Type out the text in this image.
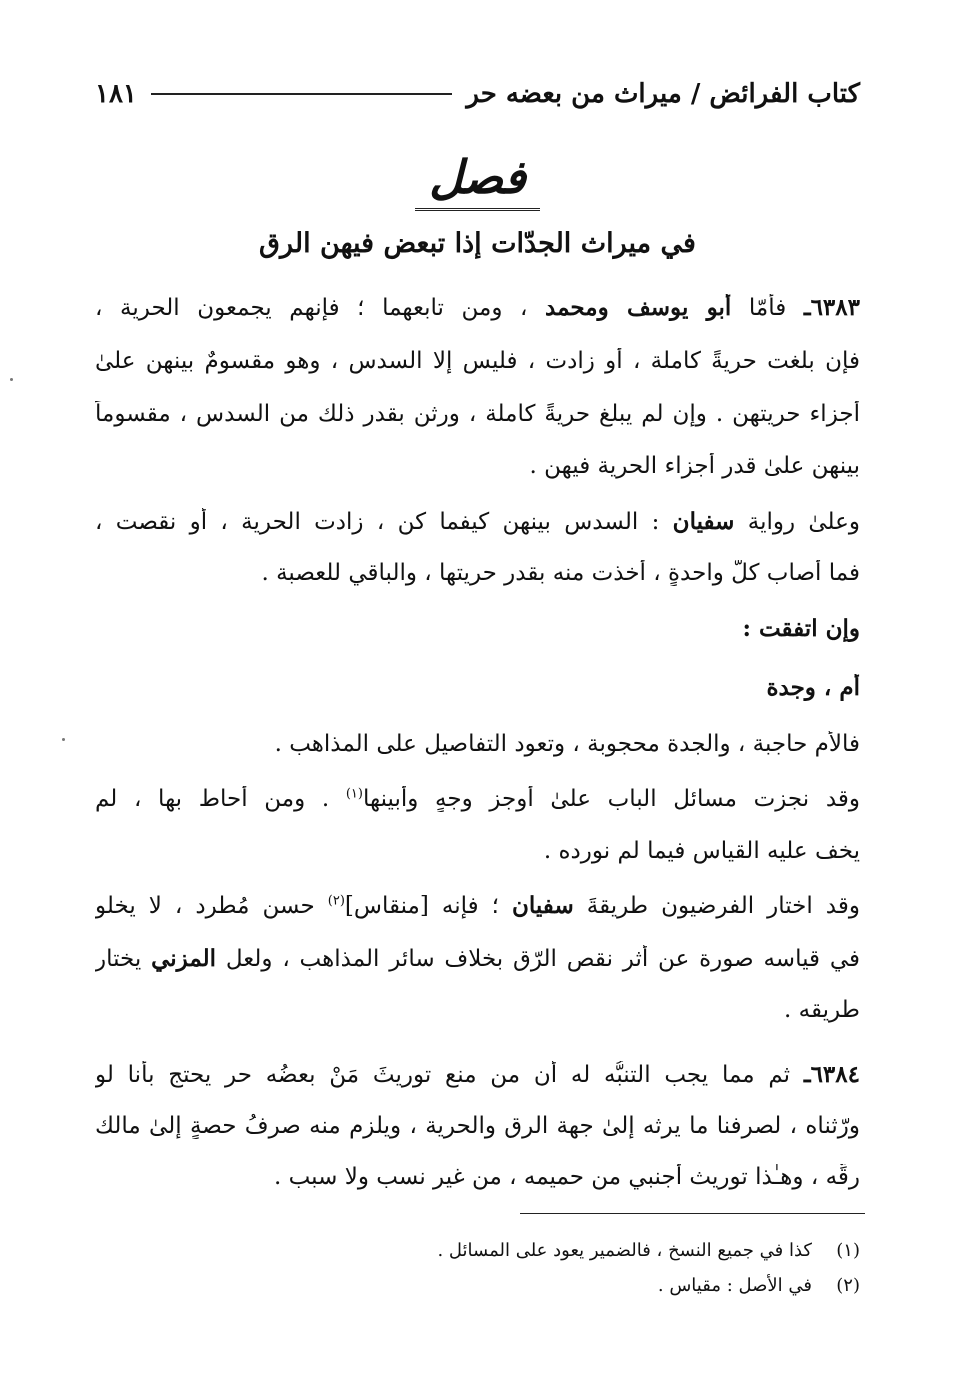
كتاب الفرائض / ميراث من بعضه حر
١٨١
فصل
في ميراث الجدّات إذا تبعض فيهن الرق
٦٣٨٣ـ فأمّا أبو يوسف ومحمد ، ومن تابعهما ؛ فإنهم يجمعون الحرية ،
فإن بلغت حريةً كاملة ، أو زادت ، فليس إلا السدس ، وهو مقسومٌ بينهن علىٰ
أجزاء حريتهن . وإن لم يبلغ حريةً كاملة ، ورثن بقدر ذلك من السدس ، مقسوماً
بينهن علىٰ قدر أجزاء الحرية فيهن .
وعلىٰ رواية سفيان : السدس بينهن كيفما كن ، زادت الحرية ، أو نقصت ،
فما أصاب كلّ واحدةٍ ، أخذت منه بقدر حريتها ، والباقي للعصبة .
وإن اتفقت :
أم ، وجدة
فالأم حاجبة ، والجدة محجوبة ، وتعود التفاصيل على المذاهب .
وقد نجزت مسائل الباب علىٰ أوجز وجهٍ وأبينها$^{(١)}$ . ومن أحاط بها ، لم
يخف عليه القياس فيما لم نورده .
وقد اختار الفرضيون طريقةَ سفيان ؛ فإنه [منقاس]$^{(٢)}$ حسن مُطرد ، لا يخلو
في قياسه صورة عن أثر نقص الرّق بخلاف سائر المذاهب ، ولعل المزني يختار
طريقه .
٦٣٨٤ـ ثم مما يجب التنبُّه له أن من منع توريثَ مَنْ بعضُه حر يحتج بأنا لو
ورّثناه ، لصرفنا ما يرثه إلىٰ جهة الرق والحرية ، ويلزم منه صرفُ حصةٍ إلىٰ مالك
رقِّه ، وهـٰذا توريث أجنبي من حميمه ، من غير نسب ولا سبب .
(١)كذا في جميع النسخ ، فالضمير يعود على المسائل .
(٢)في الأصل : مقياس .
